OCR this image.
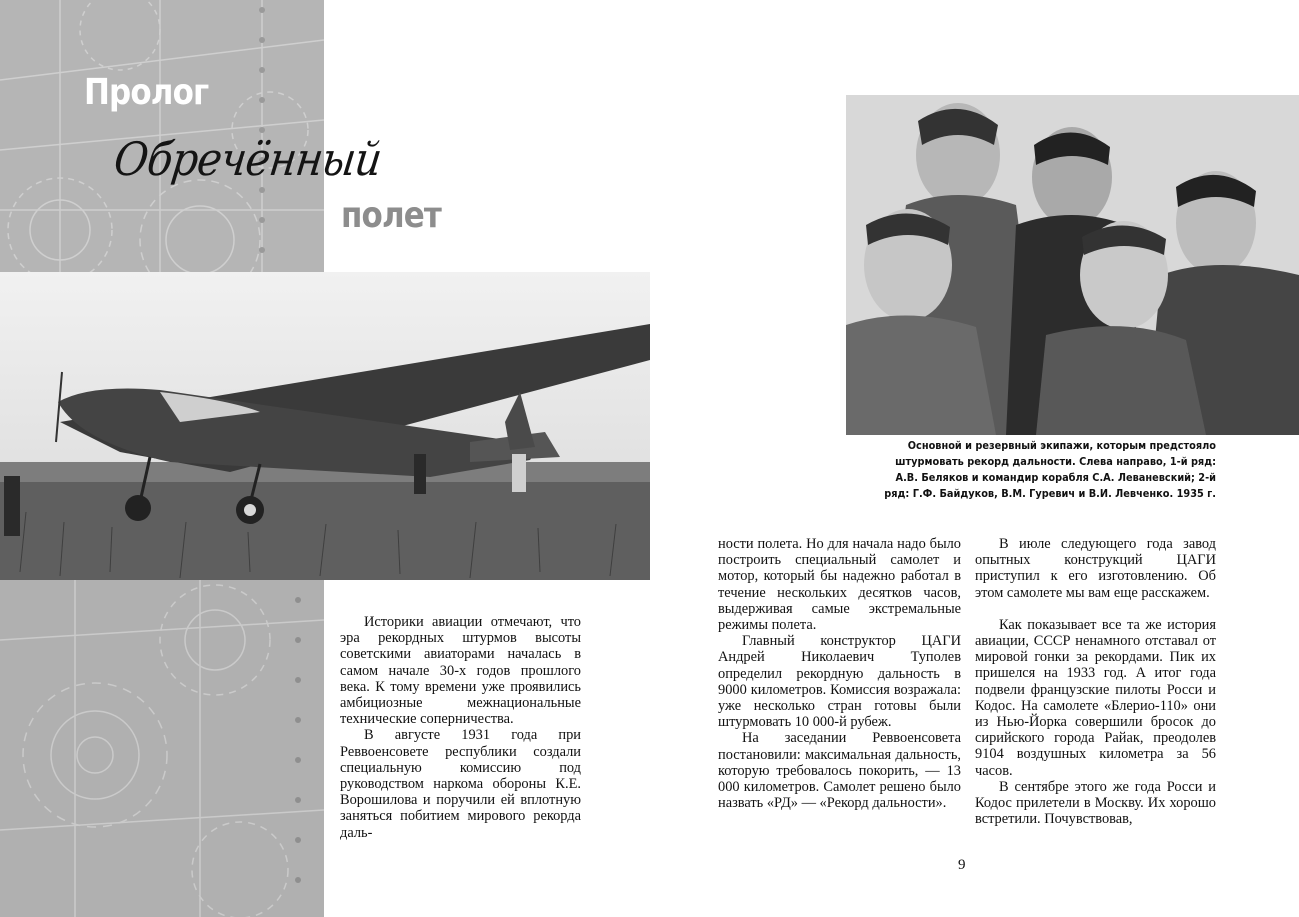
Пролог
Обречённый
полет
Основной и резервный экипажи, которым предстояло штурмовать рекорд дальности. Слева направо, 1-й ряд: А.В. Беляков и командир корабля С.А. Леваневский; 2-й ряд: Г.Ф. Байдуков, В.М. Гуревич и В.И. Левченко. 1935 г.

Историки авиации отмечают, что эра рекордных штурмов высоты советскими авиаторами началась в самом начале 30-х годов прошлого века. К тому времени уже проявились амбициозные межнациональные технические соперничества.

В августе 1931 года при Реввоенсовете республики создали специальную комиссию под руководством наркома обороны К.Е. Ворошилова и поручили ей вплотную заняться побитием мирового рекорда даль-

ности полета. Но для начала надо было построить специальный самолет и мотор, который бы надежно работал в течение нескольких десятков часов, выдерживая самые экстремальные режимы полета.

Главный конструктор ЦАГИ Андрей Николаевич Туполев определил рекордную дальность в 9000 километров. Комиссия возражала: уже несколько стран готовы были штурмовать 10 000-й рубеж.

На заседании Реввоенсовета постановили: максимальная дальность, которую требовалось покорить, — 13 000 километров. Самолет решено было назвать «РД» — «Рекорд дальности».

В июле следующего года завод опытных конструкций ЦАГИ приступил к его изготовлению. Об этом самолете мы вам еще расскажем.

Как показывает все та же история авиации, СССР ненамного отставал от мировой гонки за рекордами. Пик их пришелся на 1933 год. А итог года подвели французские пилоты Росси и Кодос. На самолете «Блерио-110» они из Нью-Йорка совершили бросок до сирийского города Райак, преодолев 9104 воздушных километра за 56 часов.

В сентябре этого же года Росси и Кодос прилетели в Москву. Их хорошо встретили. Почувствовав,

9
